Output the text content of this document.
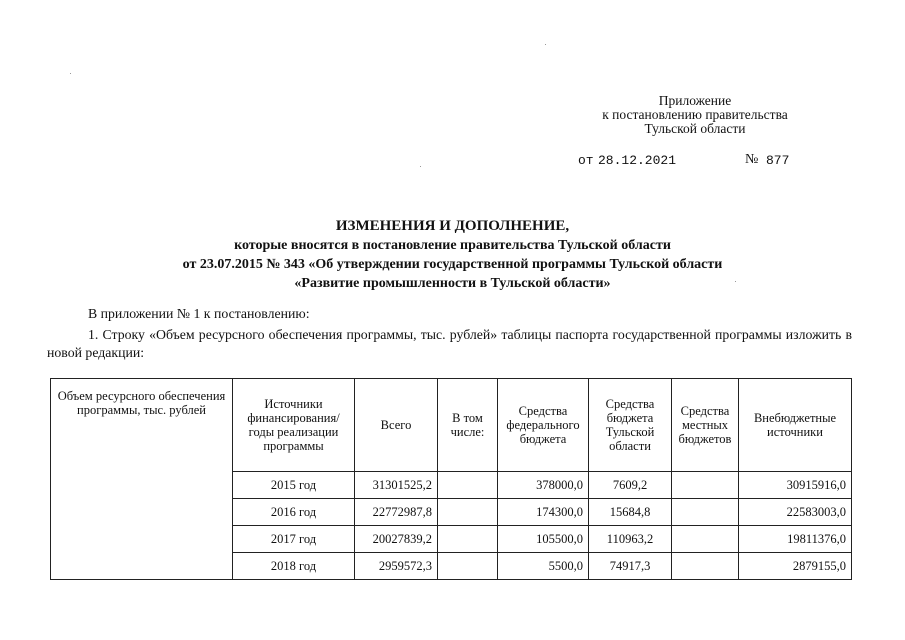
Приложение
к постановлению правительства
Тульской области
от 28.12.2021	№ 877
ИЗМЕНЕНИЯ И ДОПОЛНЕНИЕ,
которые вносятся в постановление правительства Тульской области
от 23.07.2015 № 343 «Об утверждении государственной программы Тульской области
«Развитие промышленности в Тульской области»
В приложении № 1 к постановлению:
1. Строку «Объем ресурсного обеспечения программы, тыс. рублей» таблицы паспорта государственной программы изложить в новой редакции:
Объем ресурсного обеспечения программы, тыс. рублей	Источники финансирования/ годы реализации программы	Всего	В том числе:	Средства федерального бюджета	Средства бюджета Тульской области	Средства местных бюджетов	Внебюджетные источники
	2015 год	31301525,2		378000,0	7609,2		30915916,0
	2016 год	22772987,8		174300,0	15684,8		22583003,0
	2017 год	20027839,2		105500,0	110963,2		19811376,0
	2018 год	2959572,3		5500,0	74917,3		2879155,0
